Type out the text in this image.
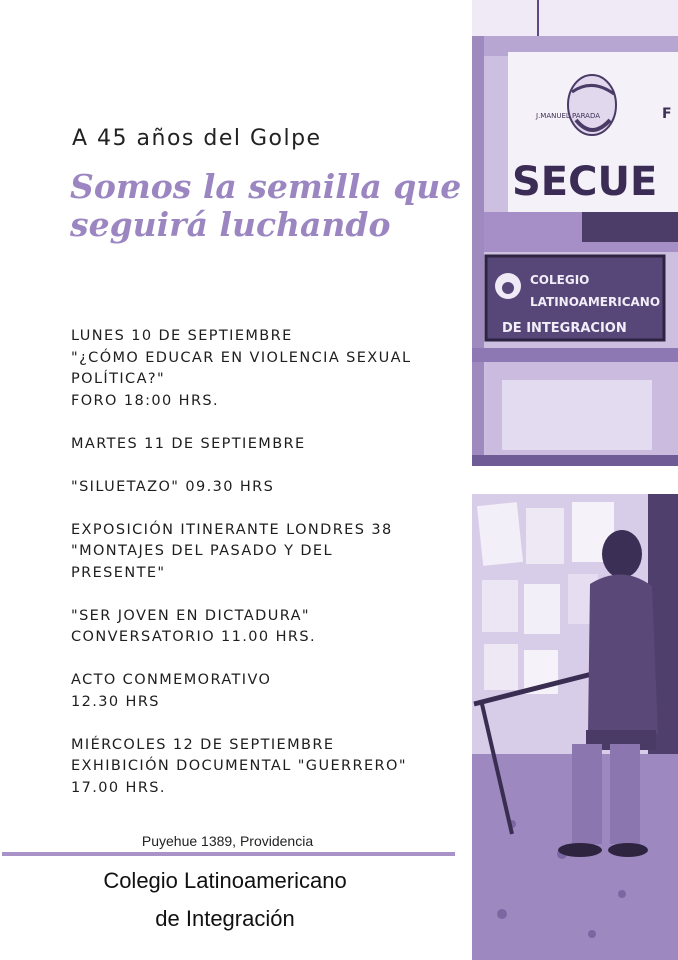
A 45 años del Golpe
Somos la semilla que
seguirá luchando
LUNES 10 DE SEPTIEMBRE
"¿CÓMO EDUCAR EN VIOLENCIA SEXUAL
POLÍTICA?"
FORO 18:00 HRS.
MARTES 11 DE SEPTIEMBRE
"SILUETAZO" 09.30 HRS
EXPOSICIÓN ITINERANTE LONDRES 38
"MONTAJES DEL PASADO Y DEL
PRESENTE"
"SER JOVEN EN DICTADURA"
CONVERSATORIO 11.00 HRS.
ACTO CONMEMORATIVO
12.30 HRS
MIÉRCOLES 12 DE SEPTIEMBRE
EXHIBICIÓN DOCUMENTAL "GUERRERO"
17.00 HRS.
Puyehue 1389, Providencia
Colegio Latinoamericano
de Integración
J.MANUEL PARADA	F
SECUE
COLEGIO
LATINOAMERICANO
DE INTEGRACION
